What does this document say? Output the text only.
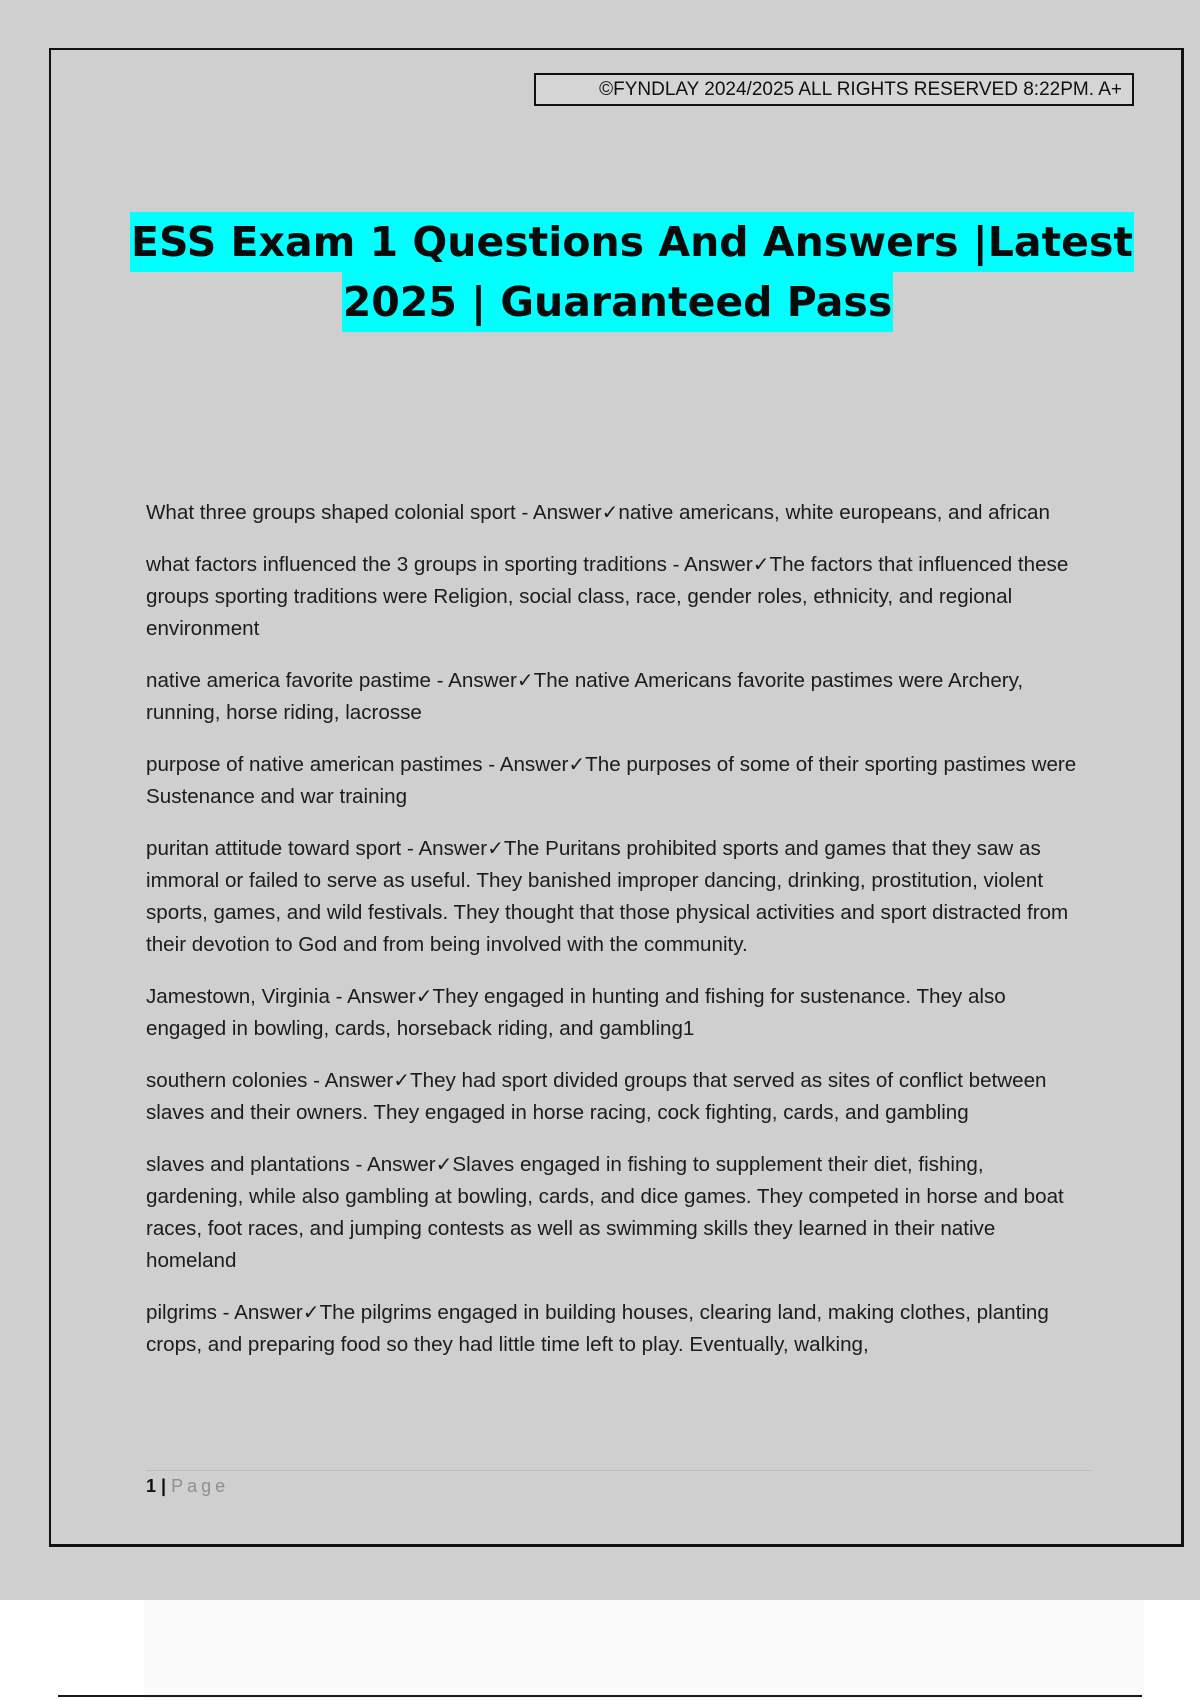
©FYNDLAY 2024/2025 ALL RIGHTS RESERVED 8:22PM. A+
ESS Exam 1 Questions And Answers |Latest
2025 | Guaranteed Pass

What three groups shaped colonial sport - Answer✓native americans, white europeans, and african

what factors influenced the 3 groups in sporting traditions - Answer✓The factors that influenced these groups sporting traditions were Religion, social class, race, gender roles, ethnicity, and regional environment

native america favorite pastime - Answer✓The native Americans favorite pastimes were Archery, running, horse riding, lacrosse

purpose of native american pastimes - Answer✓The purposes of some of their sporting pastimes were Sustenance and war training

puritan attitude toward sport - Answer✓The Puritans prohibited sports and games that they saw as immoral or failed to serve as useful. They banished improper dancing, drinking, prostitution, violent sports, games, and wild festivals. They thought that those physical activities and sport distracted from their devotion to God and from being involved with the community.

Jamestown, Virginia - Answer✓They engaged in hunting and fishing for sustenance. They also engaged in bowling, cards, horseback riding, and gambling1

southern colonies - Answer✓They had sport divided groups that served as sites of conflict between slaves and their owners. They engaged in horse racing, cock fighting, cards, and gambling

slaves and plantations - Answer✓Slaves engaged in fishing to supplement their diet, fishing, gardening, while also gambling at bowling, cards, and dice games. They competed in horse and boat races, foot races, and jumping contests as well as swimming skills they learned in their native homeland

pilgrims - Answer✓The pilgrims engaged in building houses, clearing land, making clothes, planting crops, and preparing food so they had little time left to play. Eventually, walking,

1 | Page
